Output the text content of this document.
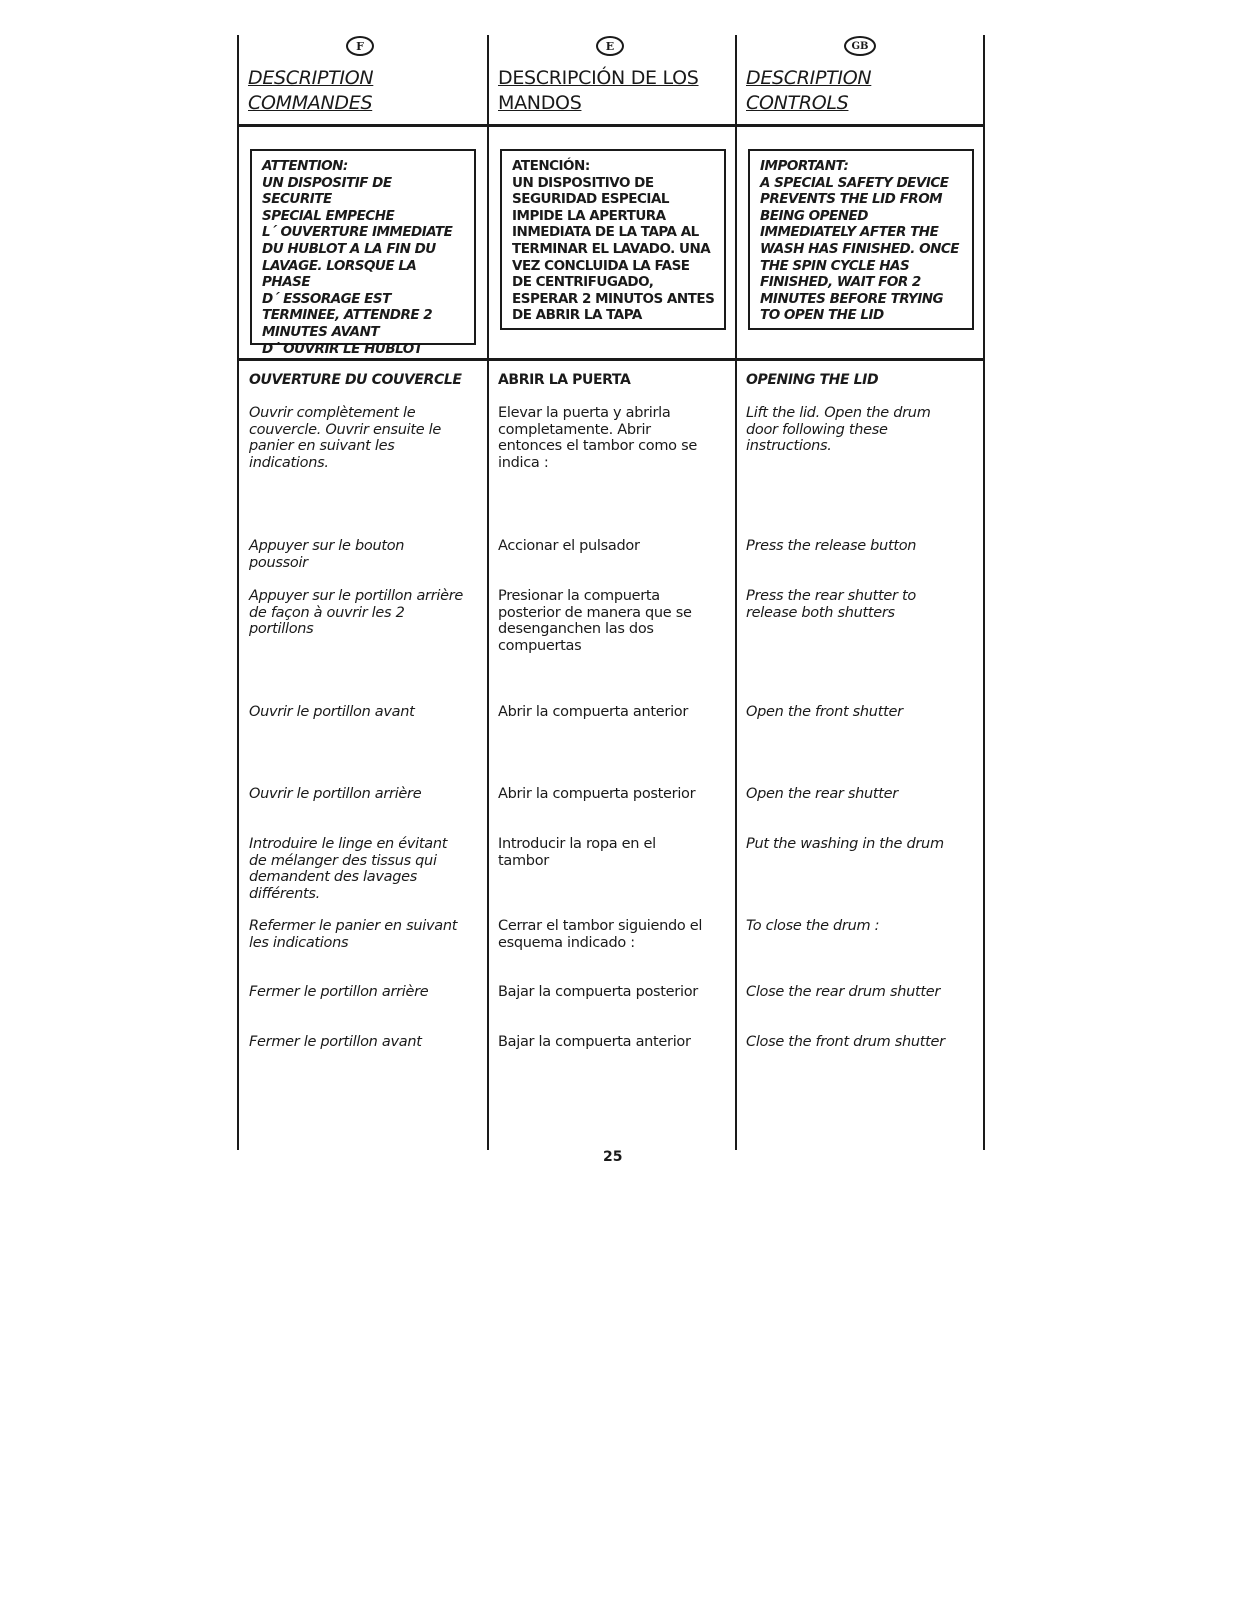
F
DESCRIPTION
COMMANDES
ATTENTION:
UN DISPOSITIF DE SECURITE
SPECIAL EMPECHE
L´ OUVERTURE IMMEDIATE
DU HUBLOT A LA FIN DU
LAVAGE. LORSQUE LA
PHASE
D´ ESSORAGE EST
TERMINEE, ATTENDRE 2
MINUTES AVANT
D´ OUVRIR LE HUBLOT
OUVERTURE DU COUVERCLE
Ouvrir complètement le
couvercle. Ouvrir ensuite le
panier en suivant les
indications.
Appuyer sur le bouton
poussoir
Appuyer sur le portillon arrière
de façon à ouvrir les 2
portillons
Ouvrir le portillon avant
Ouvrir le portillon arrière
Introduire le linge en évitant
de mélanger des tissus qui
demandent des lavages
différents.
Refermer le panier en suivant
les indications
Fermer le portillon arrière
Fermer le portillon avant
E
DESCRIPCIÓN DE LOS
MANDOS
ATENCIÓN:
UN DISPOSITIVO DE
SEGURIDAD ESPECIAL
IMPIDE LA APERTURA
INMEDIATA DE LA TAPA AL
TERMINAR EL LAVADO. UNA
VEZ CONCLUIDA LA FASE
DE CENTRIFUGADO,
ESPERAR 2 MINUTOS ANTES
DE ABRIR LA TAPA
ABRIR LA PUERTA
Elevar la puerta y abrirla
completamente. Abrir
entonces el tambor como se
indica :
Accionar el pulsador
Presionar la compuerta
posterior de manera que se
desenganchen las dos
compuertas
Abrir la compuerta anterior
Abrir la compuerta posterior
Introducir la ropa en el
tambor
Cerrar el tambor siguiendo el
esquema indicado :
Bajar la compuerta posterior
Bajar la compuerta anterior
GB
DESCRIPTION
CONTROLS
IMPORTANT:
A SPECIAL SAFETY DEVICE
PREVENTS THE LID FROM
BEING OPENED
IMMEDIATELY AFTER THE
WASH HAS FINISHED. ONCE
THE SPIN CYCLE HAS
FINISHED, WAIT FOR 2
MINUTES BEFORE TRYING
TO OPEN THE LID
OPENING THE LID
Lift the lid. Open the drum
door following these
instructions.
Press the release button
Press the rear shutter to
release both shutters
Open the front shutter
Open the rear shutter
Put the washing in the drum
To close the drum :
Close the rear drum shutter
Close the front drum shutter
25
